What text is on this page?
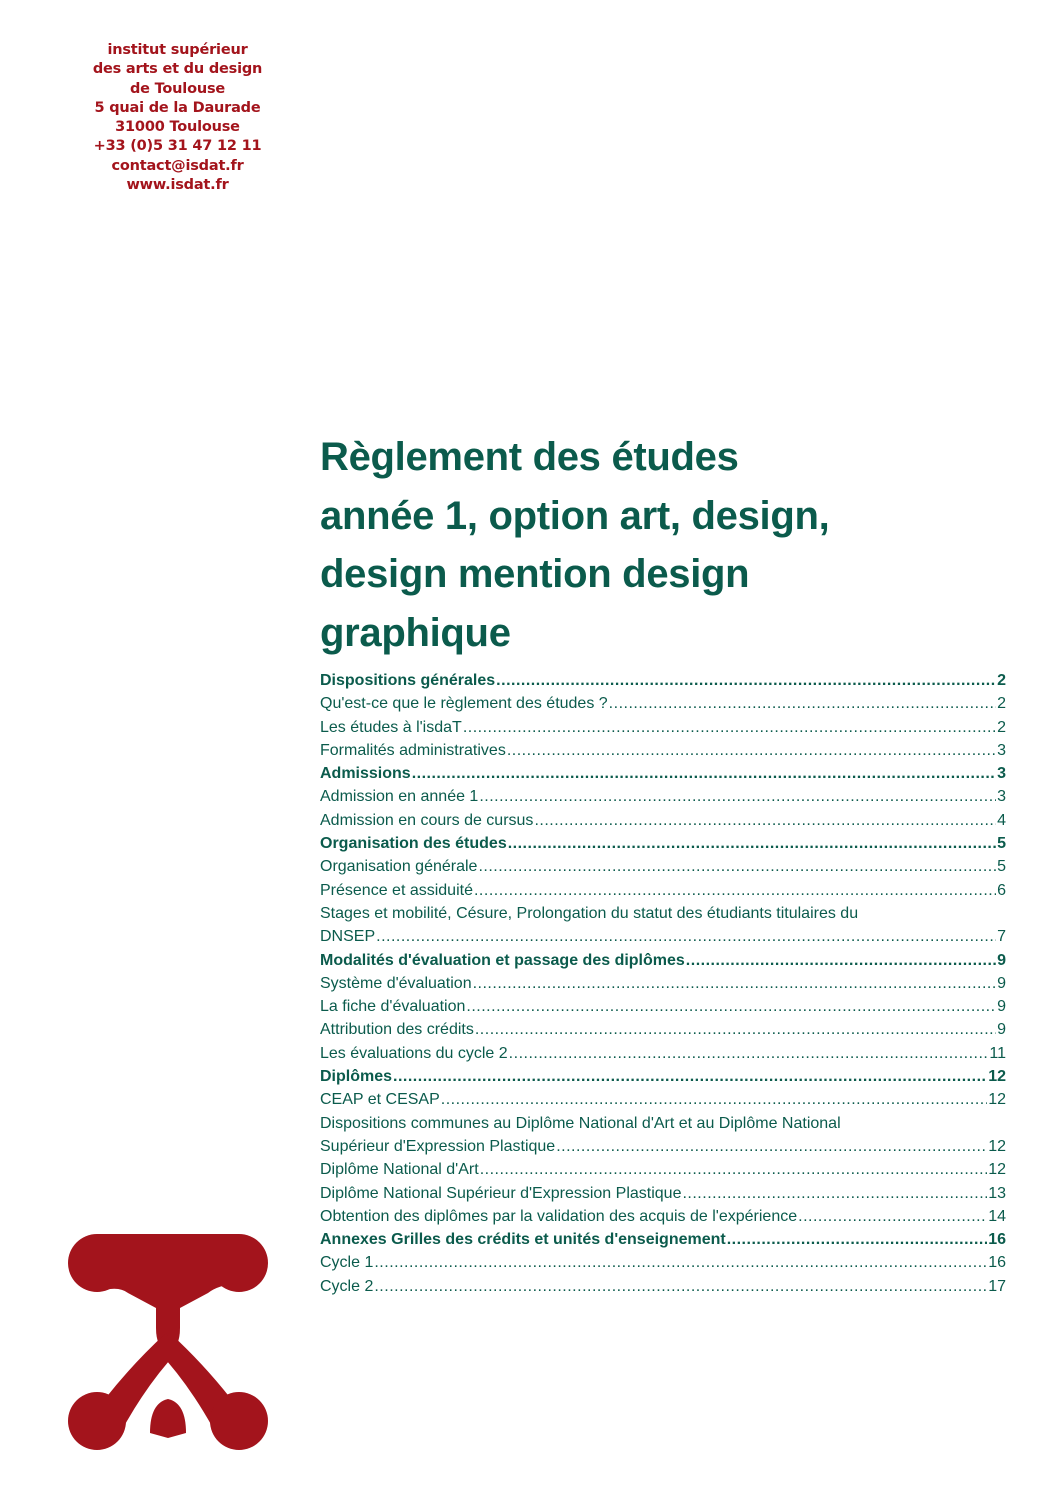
institut supérieur
des arts et du design
de Toulouse
5 quai de la Daurade
31000 Toulouse
+33 (0)5 31 47 12 11
contact@isdat.fr
www.isdat.fr
Règlement des études
année 1, option art, design,
design mention design
graphique
Dispositions générales .....	2
Qu'est-ce que le règlement des études ? .....	2
Les études à l'isdaT .....	2
Formalités administratives .....	3
Admissions .....	3
Admission en année 1 .....	3
Admission en cours de cursus .....	4
Organisation des études .....	5
Organisation générale .....	5
Présence et assiduité .....	6
Stages et mobilité, Césure, Prolongation du statut des étudiants titulaires du
DNSEP .....	7
Modalités d'évaluation et passage des diplômes .....	9
Système d'évaluation .....	9
La fiche d'évaluation .....	9
Attribution des crédits .....	9
Les évaluations du cycle 2 .....	11
Diplômes .....	12
CEAP et CESAP .....	12
Dispositions communes au Diplôme National d'Art et au Diplôme National
Supérieur d'Expression Plastique .....	12
Diplôme National d'Art .....	12
Diplôme National Supérieur d'Expression Plastique .....	13
Obtention des diplômes par la validation des acquis de l'expérience .....	14
Annexes Grilles des crédits et unités d'enseignement .....	16
Cycle 1 .....	16
Cycle 2 .....	17
